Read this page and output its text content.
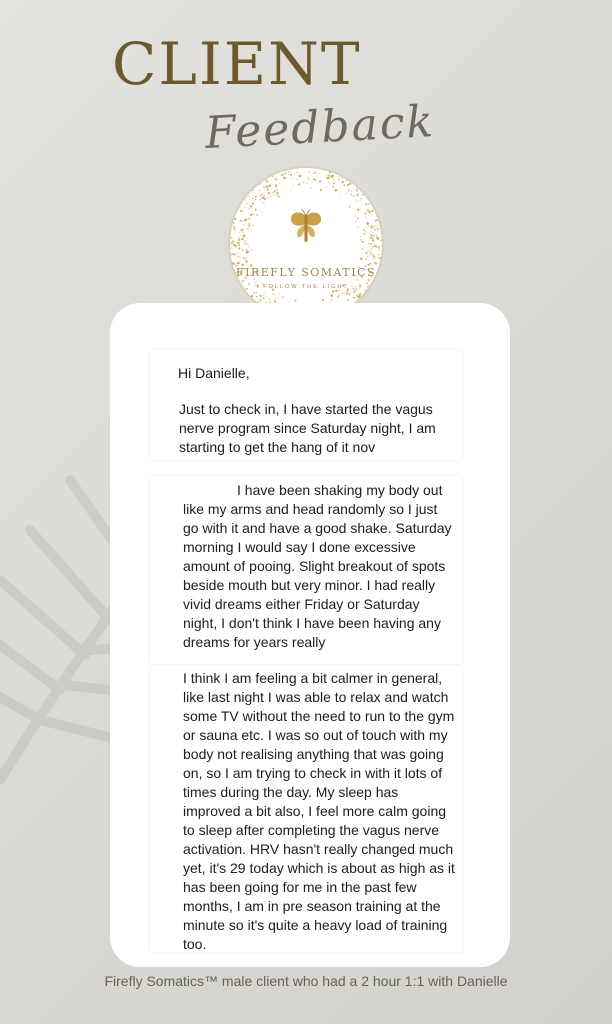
CLIENT
Feedback
FIREFLY SOMATICS
FOLLOW THE LIGHT

Hi Danielle,

Just to check in, I have started the vagus nerve program since Saturday night, I am starting to get the hang of it nov

I have been shaking my body out like my arms and head randomly so I just go with it and have a good shake. Saturday morning I would say I done excessive amount of pooing. Slight breakout of spots beside mouth but very minor. I had really vivid dreams either Friday or Saturday night, I don't think I have been having any dreams for years really

I think I am feeling a bit calmer in general, like last night I was able to relax and watch some TV without the need to run to the gym or sauna etc. I was so out of touch with my body not realising anything that was going on, so I am trying to check in with it lots of times during the day. My sleep has improved a bit also, I feel more calm going to sleep after completing the vagus nerve activation. HRV hasn't really changed much yet, it's 29 today which is about as high as it has been going for me in the past few months, I am in pre season training at the minute so it's quite a heavy load of training too.

Firefly Somatics™ male client who had a 2 hour 1:1 with Danielle
